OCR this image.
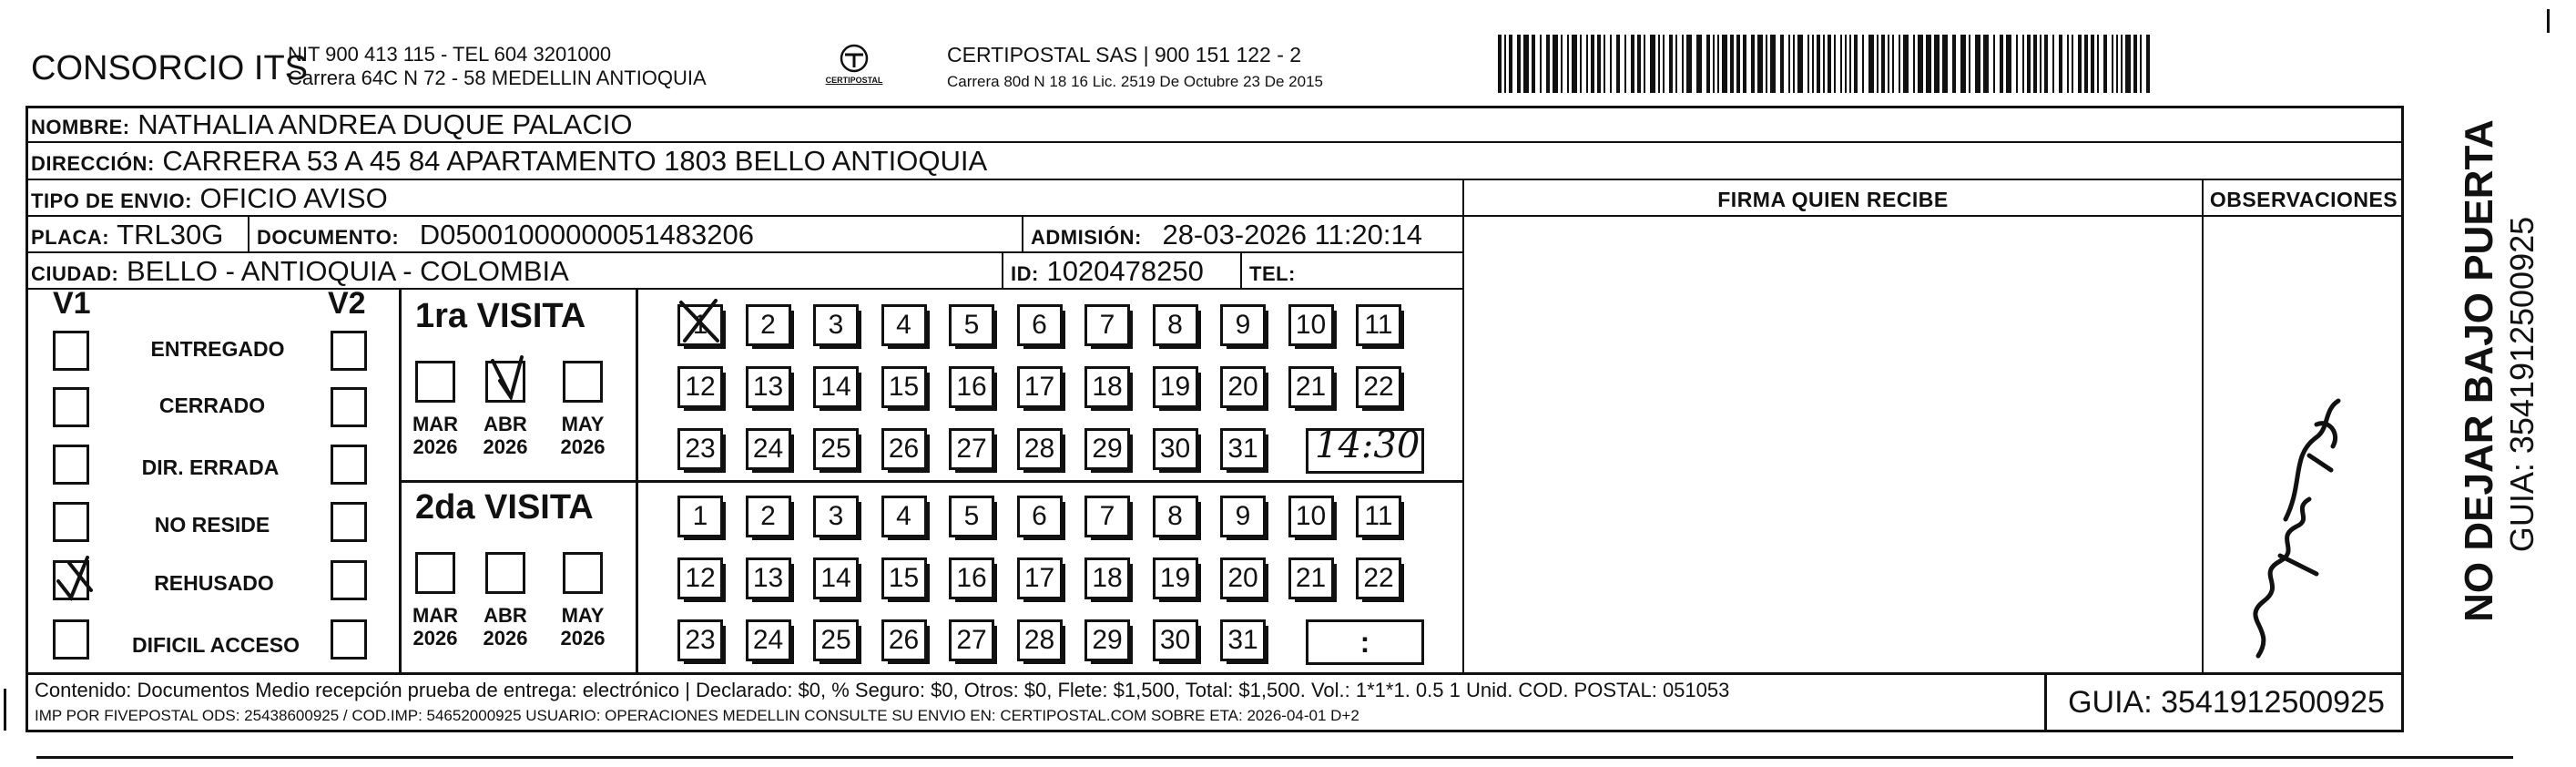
CONSORCIO ITS
NIT 900 413 115 - TEL 604 3201000
Carrera 64C N 72 - 58 MEDELLIN ANTIOQUIA	CERTIPOSTAL
CERTIPOSTAL SAS | 900 151 122 - 2
Carrera 80d N 18 16 Lic. 2519 De Octubre 23 De 2015
NOMBRE: NATHALIA ANDREA DUQUE PALACIO
DIRECCIÓN: CARRERA 53 A 45 84 APARTAMENTO 1803 BELLO ANTIOQUIA
TIPO DE ENVIO: OFICIO AVISO
PLACA: TRL30G DOCUMENTO: D05001000000051483206	ADMISIÓN: 28-03-2026 11:20:14
CIUDAD: BELLO - ANTIOQUIA - COLOMBIA	ID: 1020478250 TEL:
FIRMA QUIEN RECIBE	OBSERVACIONES
V1	V2
ENTREGADO
CERRADO
DIR. ERRADA
NO RESIDE
REHUSADO
DIFICIL ACCESO
1ra VISITA
MAR
2026
ABR
2026
MAY
2026
1	2	3	4	5	6	7	8	9	10	11
12 13 14 15 16 17 18 19 20 21 22
23 24 25 26 27 28 29 30 31 14:30
2da VISITA
MAR
2026
ABR
2026
MAY
2026
1	2	3	4	5	6	7	8	9	10	11
12 13 14 15 16 17 18 19 20 21 22
23 24 25 26 27 28 29 30 31	:
Contenido: Documentos Medio recepción prueba de entrega: electrónico | Declarado: $0, % Seguro: $0, Otros: $0, Flete: $1,500, Total: $1,500. Vol.: 1*1*1. 0.5 1 Unid. COD. POSTAL: 051053
IMP POR FIVEPOSTAL ODS: 25438600925 / COD.IMP: 54652000925 USUARIO: OPERACIONES MEDELLIN CONSULTE SU ENVIO EN: CERTIPOSTAL.COM SOBRE ETA: 2026-04-01 D+2	GUIA: 3541912500925
NO DEJAR BAJO PUERTA GUIA: 3541912500925
